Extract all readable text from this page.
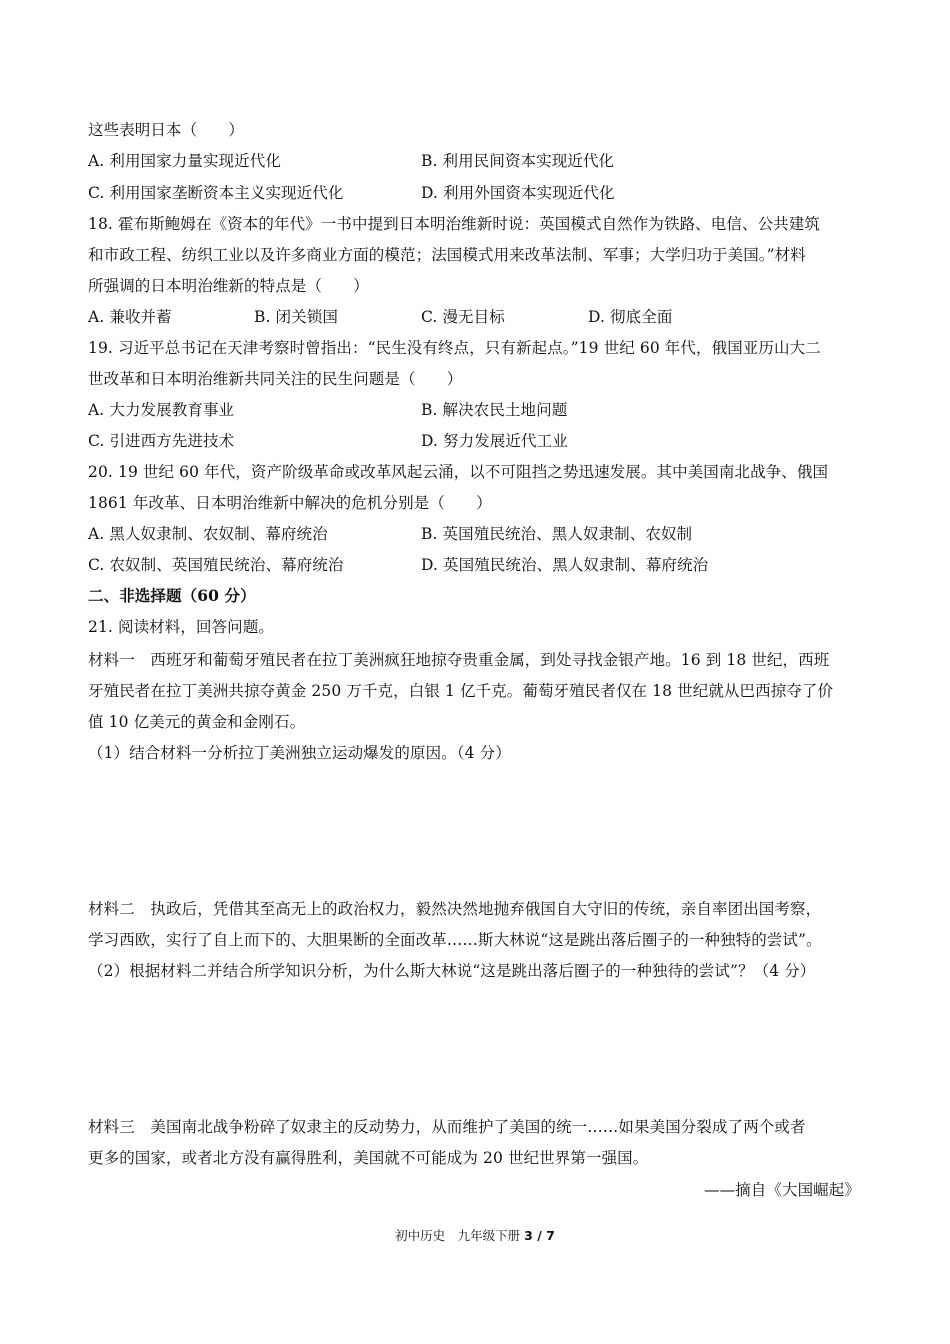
这些表明日本（　　）
A. 利用国家力量实现近代化	B. 利用民间资本实现近代化
C. 利用国家垄断资本主义实现近代化	D. 利用外国资本实现近代化
18. 霍布斯鲍姆在《资本的年代》一书中提到日本明治维新时说：英国模式自然作为铁路、电信、公共建筑
和市政工程、纺织工业以及许多商业方面的模范；法国模式用来改革法制、军事；大学归功于美国。”材料
所强调的日本明治维新的特点是（　　）
A. 兼收并蓄	B. 闭关锁国	C. 漫无目标	D. 彻底全面
19. 习近平总书记在天津考察时曾指出：“民生没有终点，只有新起点。”19 世纪 60 年代，俄国亚历山大二
世改革和日本明治维新共同关注的民生问题是（　　）
A. 大力发展教育事业	B. 解决农民土地问题
C. 引进西方先进技术	D. 努力发展近代工业
20. 19 世纪 60 年代，资产阶级革命或改革风起云涌，以不可阻挡之势迅速发展。其中美国南北战争、俄国
1861 年改革、日本明治维新中解决的危机分别是（　　）
A. 黑人奴隶制、农奴制、幕府统治	B. 英国殖民统治、黑人奴隶制、农奴制
C. 农奴制、英国殖民统治、幕府统治	D. 英国殖民统治、黑人奴隶制、幕府统治
二、非选择题（60 分）
21. 阅读材料，回答问题。
材料一　西班牙和葡萄牙殖民者在拉丁美洲疯狂地掠夺贵重金属，到处寻找金银产地。16 到 18 世纪，西班
牙殖民者在拉丁美洲共掠夺黄金 250 万千克，白银 1 亿千克。葡萄牙殖民者仅在 18 世纪就从巴西掠夺了价
值 10 亿美元的黄金和金刚石。
（1）结合材料一分析拉丁美洲独立运动爆发的原因。（4 分）
材料二　执政后，凭借其至高无上的政治权力，毅然决然地抛弃俄国自大守旧的传统，亲自率团出国考察，
学习西欧，实行了自上而下的、大胆果断的全面改革……斯大林说“这是跳出落后圈子的一种独特的尝试”。
（2）根据材料二并结合所学知识分析，为什么斯大林说“这是跳出落后圈子的一种独待的尝试”？（4 分）
材料三　美国南北战争粉碎了奴隶主的反动势力，从而维护了美国的统一……如果美国分裂成了两个或者
更多的国家，或者北方没有赢得胜利，美国就不可能成为 20 世纪世界第一强国。
——摘自《大国崛起》
初中历史　九年级下册 3 / 7
